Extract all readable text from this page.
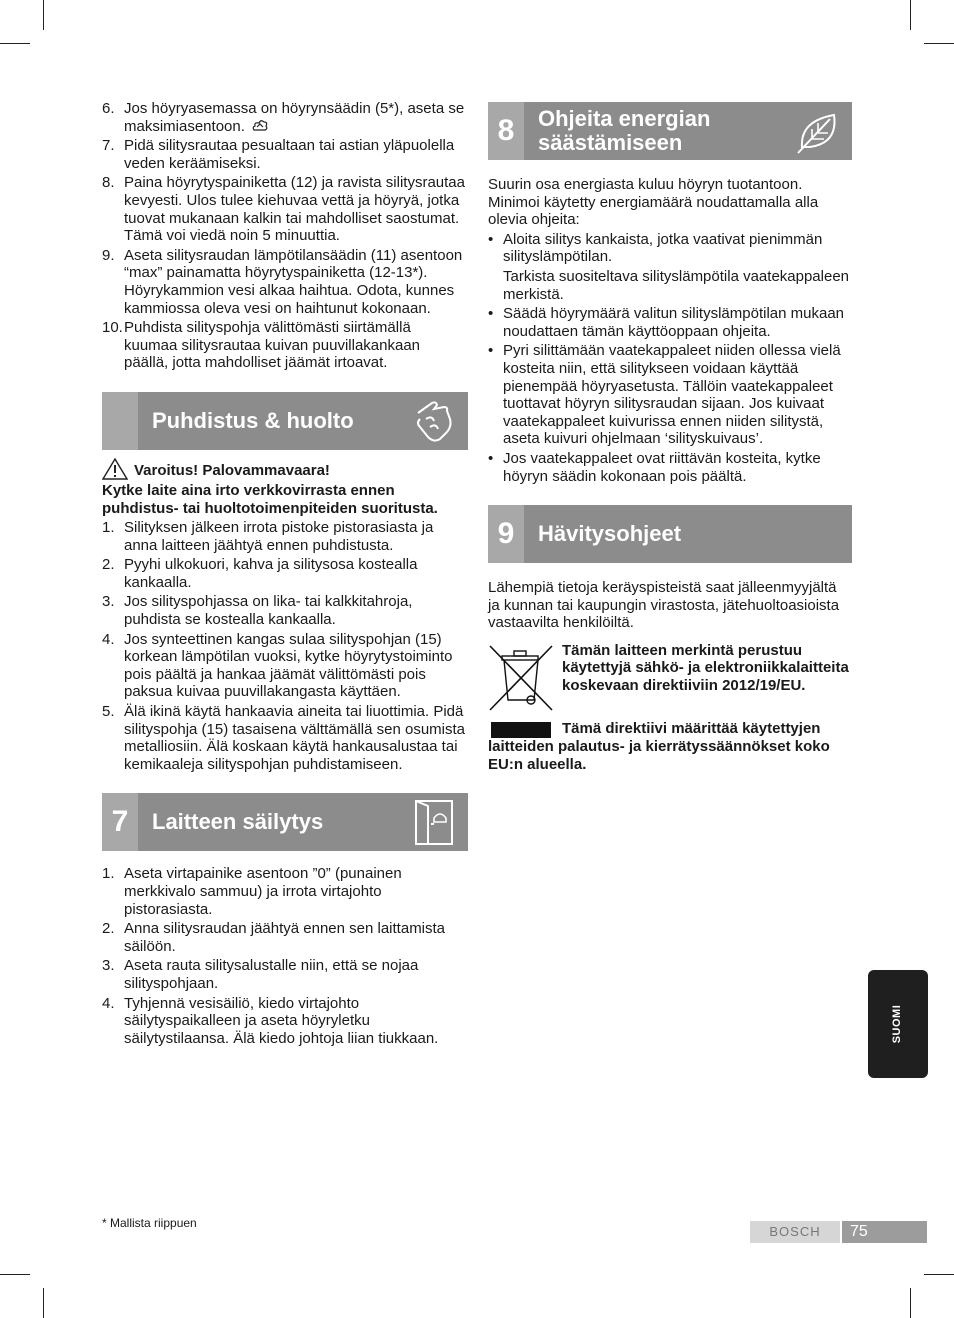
6. Jos höyryasemassa on höyrynsäädin (5*), aseta se maksimiasentoon.
7. Pidä silitysrautaa pesualtaan tai astian yläpuolella veden keräämiseksi.
8. Paina höyrytyspainiketta (12) ja ravista silitysrautaa kevyesti. Ulos tulee kiehuvaa vettä ja höyryä, jotka tuovat mukanaan kalkin tai mahdolliset saostumat. Tämä voi viedä noin 5 minuuttia.
9. Aseta silitysraudan lämpötilansäädin (11) asentoon “max” painamatta höyrytyspainiketta (12-13*). Höyrykammion vesi alkaa haihtua. Odota, kunnes kammiossa oleva vesi on haihtunut kokonaan.
10. Puhdista silityspohja välittömästi siirtämällä kuumaa silitysrautaa kuivan puuvillakankaan päällä, jotta mahdolliset jäämät irtoavat.
Puhdistus & huolto
Varoitus! Palovammavaara!

Kytke laite aina irto verkkovirrasta ennen puhdistus- tai huoltotoimenpiteiden suoritusta.

1. Silityksen jälkeen irrota pistoke pistorasiasta ja anna laitteen jäähtyä ennen puhdistusta.
2. Pyyhi ulkokuori, kahva ja silitysosa kostealla kankaalla.
3. Jos silityspohjassa on lika- tai kalkkitahroja, puhdista se kostealla kankaalla.
4. Jos synteettinen kangas sulaa silityspohjan (15) korkean lämpötilan vuoksi, kytke höyrytystoiminto pois päältä ja hankaa jäämät välittömästi pois paksua kuivaa puuvillakangasta käyttäen.
5. Älä ikinä käytä hankaavia aineita tai liuottimia. Pidä silityspohja (15) tasaisena välttämällä sen osumista metalliosiin. Älä koskaan käytä hankausalustaa tai kemikaaleja silityspohjan puhdistamiseen.
7	Laitteen säilytys
1. Aseta virtapainike asentoon ”0” (punainen merkkivalo sammuu) ja irrota virtajohto pistorasiasta.
2. Anna silitysraudan jäähtyä ennen sen laittamista säilöön.
3. Aseta rauta silitysalustalle niin, että se nojaa silityspohjaan.
4. Tyhjennä vesisäiliö, kiedo virtajohto säilytyspaikalleen ja aseta höyryletku säilytystilaansa. Älä kiedo johtoja liian tiukkaan.
* Mallista riippuen
8	Ohjeita energian säästämiseen

Suurin osa energiasta kuluu höyryn tuotantoon. Minimoi käytetty energiamäärä noudattamalla alla olevia ohjeita:

• Aloita silitys kankaista, jotka vaativat pienimmän silityslämpötilan.
Tarkista suositeltava silityslämpötila vaatekappaleen merkistä.
• Säädä höyrymäärä valitun silityslämpötilan mukaan noudattaen tämän käyttöoppaan ohjeita.
• Pyri silittämään vaatekappaleet niiden ollessa vielä kosteita niin, että silitykseen voidaan käyttää pienempää höyryasetusta. Tällöin vaatekappaleet tuottavat höyryn silitysraudan sijaan. Jos kuivaat vaatekappaleet kuivurissa ennen niiden silitystä, aseta kuivuri ohjelmaan ‘silityskuivaus’.
• Jos vaatekappaleet ovat riittävän kosteita, kytke höyryn säädin kokonaan pois päältä.
9	Hävitysohjeet

Lähempiä tietoja keräyspisteistä saat jälleenmyyjältä ja kunnan tai kaupungin virastosta, jätehuoltoasioista vastaavilta henkilöiltä.

Tämän laitteen merkintä perustuu käytettyjä sähkö- ja elektroniikkalaitteita koskevaan direktiiviin 2012/19/EU.

Tämä direktiivi määrittää käytettyjen laitteiden palautus- ja kierrätyssäännökset koko EU:n alueella.

SUOMI
BOSCH	75
